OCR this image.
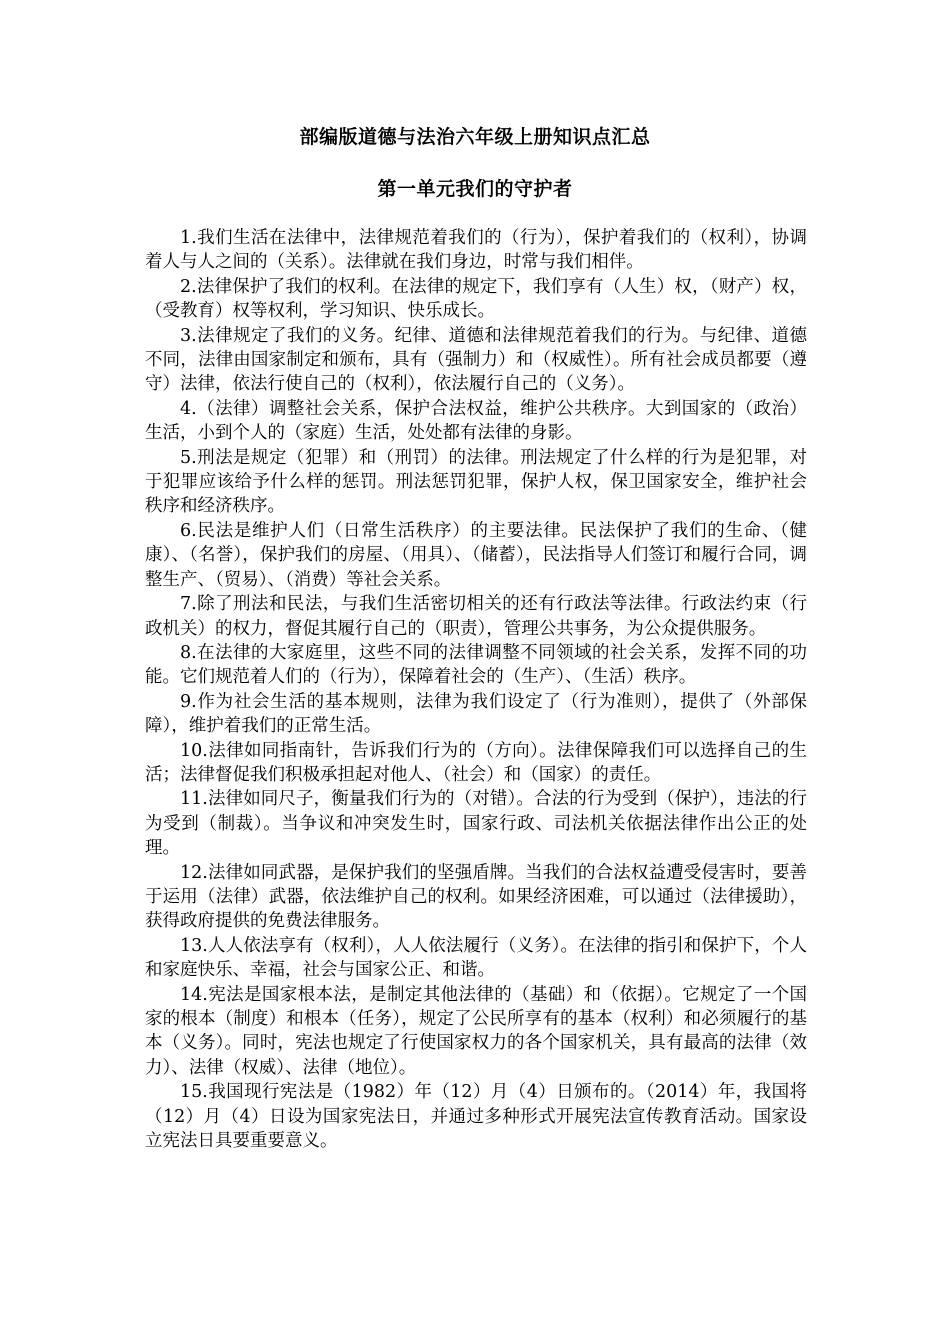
部编版道德与法治六年级上册知识点汇总
第一单元我们的守护者

1.我们生活在法律中，法律规范着我们的（行为），保护着我们的（权利），协调着人与人之间的（关系）。法律就在我们身边，时常与我们相伴。

2.法律保护了我们的权利。在法律的规定下，我们享有（人生）权，（财产）权，（受教育）权等权利，学习知识、快乐成长。

3.法律规定了我们的义务。纪律、道德和法律规范着我们的行为。与纪律、道德不同，法律由国家制定和颁布，具有（强制力）和（权威性）。所有社会成员都要（遵守）法律，依法行使自己的（权利），依法履行自己的（义务）。

4.（法律）调整社会关系，保护合法权益，维护公共秩序。大到国家的（政治）生活，小到个人的（家庭）生活，处处都有法律的身影。

5.刑法是规定（犯罪）和（刑罚）的法律。刑法规定了什么样的行为是犯罪，对于犯罪应该给予什么样的惩罚。刑法惩罚犯罪，保护人权，保卫国家安全，维护社会秩序和经济秩序。

6.民法是维护人们（日常生活秩序）的主要法律。民法保护了我们的生命、（健康）、（名誉），保护我们的房屋、（用具）、（储蓄），民法指导人们签订和履行合同，调整生产、（贸易）、（消费）等社会关系。

7.除了刑法和民法，与我们生活密切相关的还有行政法等法律。行政法约束（行政机关）的权力，督促其履行自己的（职责），管理公共事务，为公众提供服务。

8.在法律的大家庭里，这些不同的法律调整不同领域的社会关系，发挥不同的功能。它们规范着人们的（行为），保障着社会的（生产）、（生活）秩序。

9.作为社会生活的基本规则，法律为我们设定了（行为准则），提供了（外部保障），维护着我们的正常生活。

10.法律如同指南针，告诉我们行为的（方向）。法律保障我们可以选择自己的生活；法律督促我们积极承担起对他人、（社会）和（国家）的责任。

11.法律如同尺子，衡量我们行为的（对错）。合法的行为受到（保护），违法的行为受到（制裁）。当争议和冲突发生时，国家行政、司法机关依据法律作出公正的处理。

12.法律如同武器，是保护我们的坚强盾牌。当我们的合法权益遭受侵害时，要善于运用（法律）武器，依法维护自己的权利。如果经济困难，可以通过（法律援助），获得政府提供的免费法律服务。

13.人人依法享有（权利），人人依法履行（义务）。在法律的指引和保护下，个人和家庭快乐、幸福，社会与国家公正、和谐。

14.宪法是国家根本法，是制定其他法律的（基础）和（依据）。它规定了一个国家的根本（制度）和根本（任务），规定了公民所享有的基本（权利）和必须履行的基本（义务）。同时，宪法也规定了行使国家权力的各个国家机关，具有最高的法律（效力）、法律（权威）、法律（地位）。

15.我国现行宪法是（1982）年（12）月（4）日颁布的。（2014）年，我国将（12）月（4）日设为国家宪法日，并通过多种形式开展宪法宣传教育活动。国家设立宪法日具要重要意义。
